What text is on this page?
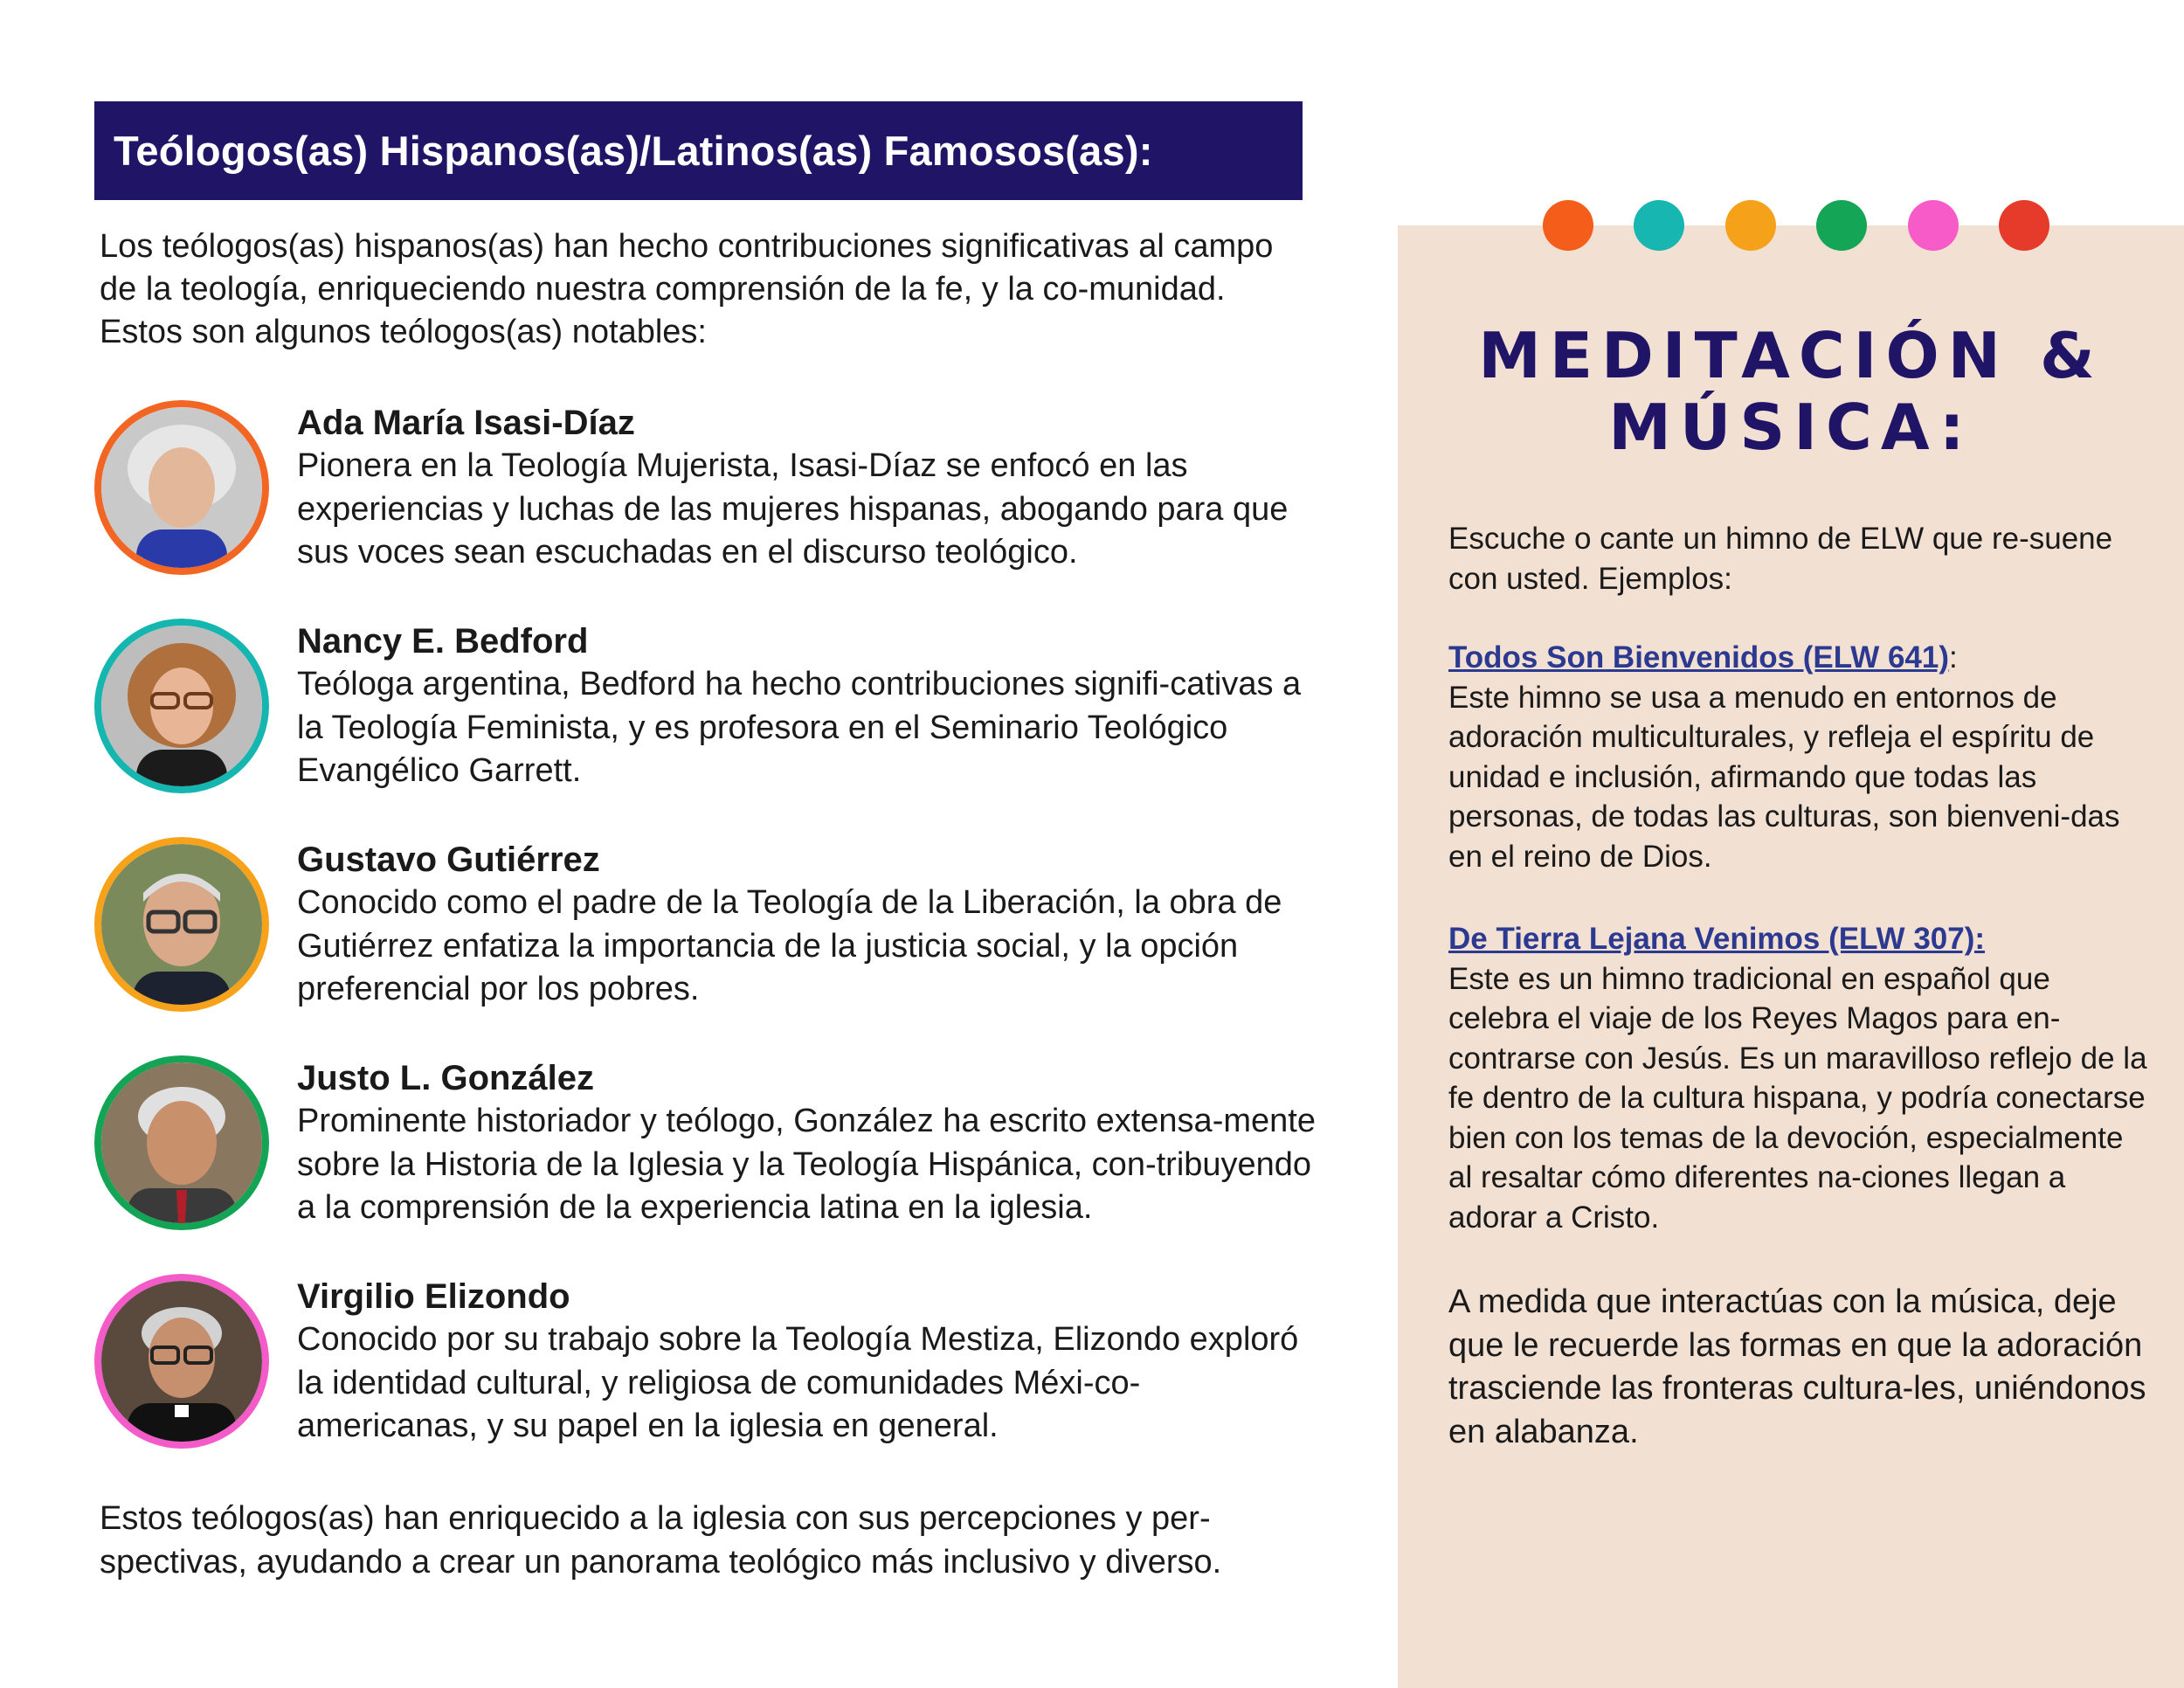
Teólogos(as) Hispanos(as)/Latinos(as) Famosos(as):

Los teólogos(as) hispanos(as) han hecho contribuciones significativas al campo de la teología, enriqueciendo nuestra comprensión de la fe, y la co-munidad. Estos son algunos teólogos(as) notables:

Ada María Isasi-Díaz

Pionera en la Teología Mujerista, Isasi-Díaz se enfocó en las experiencias y luchas de las mujeres hispanas, abogando para que sus voces sean escuchadas en el discurso teológico.

Nancy E. Bedford

Teóloga argentina, Bedford ha hecho contribuciones signifi-cativas a la Teología Feminista, y es profesora en el Seminario Teológico Evangélico Garrett.

Gustavo Gutiérrez

Conocido como el padre de la Teología de la Liberación, la obra de Gutiérrez enfatiza la importancia de la justicia social, y la opción preferencial por los pobres.

Justo L. González

Prominente historiador y teólogo, González ha escrito extensa-mente sobre la Historia de la Iglesia y la Teología Hispánica, con-tribuyendo a la comprensión de la experiencia latina en la iglesia.

Virgilio Elizondo

Conocido por su trabajo sobre la Teología Mestiza, Elizondo exploró la identidad cultural, y religiosa de comunidades Méxi-co-americanas, y su papel en la iglesia en general.

Estos teólogos(as) han enriquecido a la iglesia con sus percepciones y per-spectivas, ayudando a crear un panorama teológico más inclusivo y diverso.

MEDITACIÓN &
MÚSICA:

Escuche o cante un himno de ELW que re-suene con usted. Ejemplos:

Todos Son Bienvenidos (ELW 641):
Este himno se usa a menudo en entornos de adoración multiculturales, y refleja el espíritu de unidad e inclusión, afirmando que todas las personas, de todas las culturas, son bienveni-das en el reino de Dios.
De Tierra Lejana Venimos (ELW 307):
Este es un himno tradicional en español que celebra el viaje de los Reyes Magos para en-contrarse con Jesús. Es un maravilloso reflejo de la fe dentro de la cultura hispana, y podría conectarse bien con los temas de la devoción, especialmente al resaltar cómo diferentes na-ciones llegan a adorar a Cristo.

A medida que interactúas con la música, deje que le recuerde las formas en que la adoración trasciende las fronteras cultura-les, uniéndonos en alabanza.
